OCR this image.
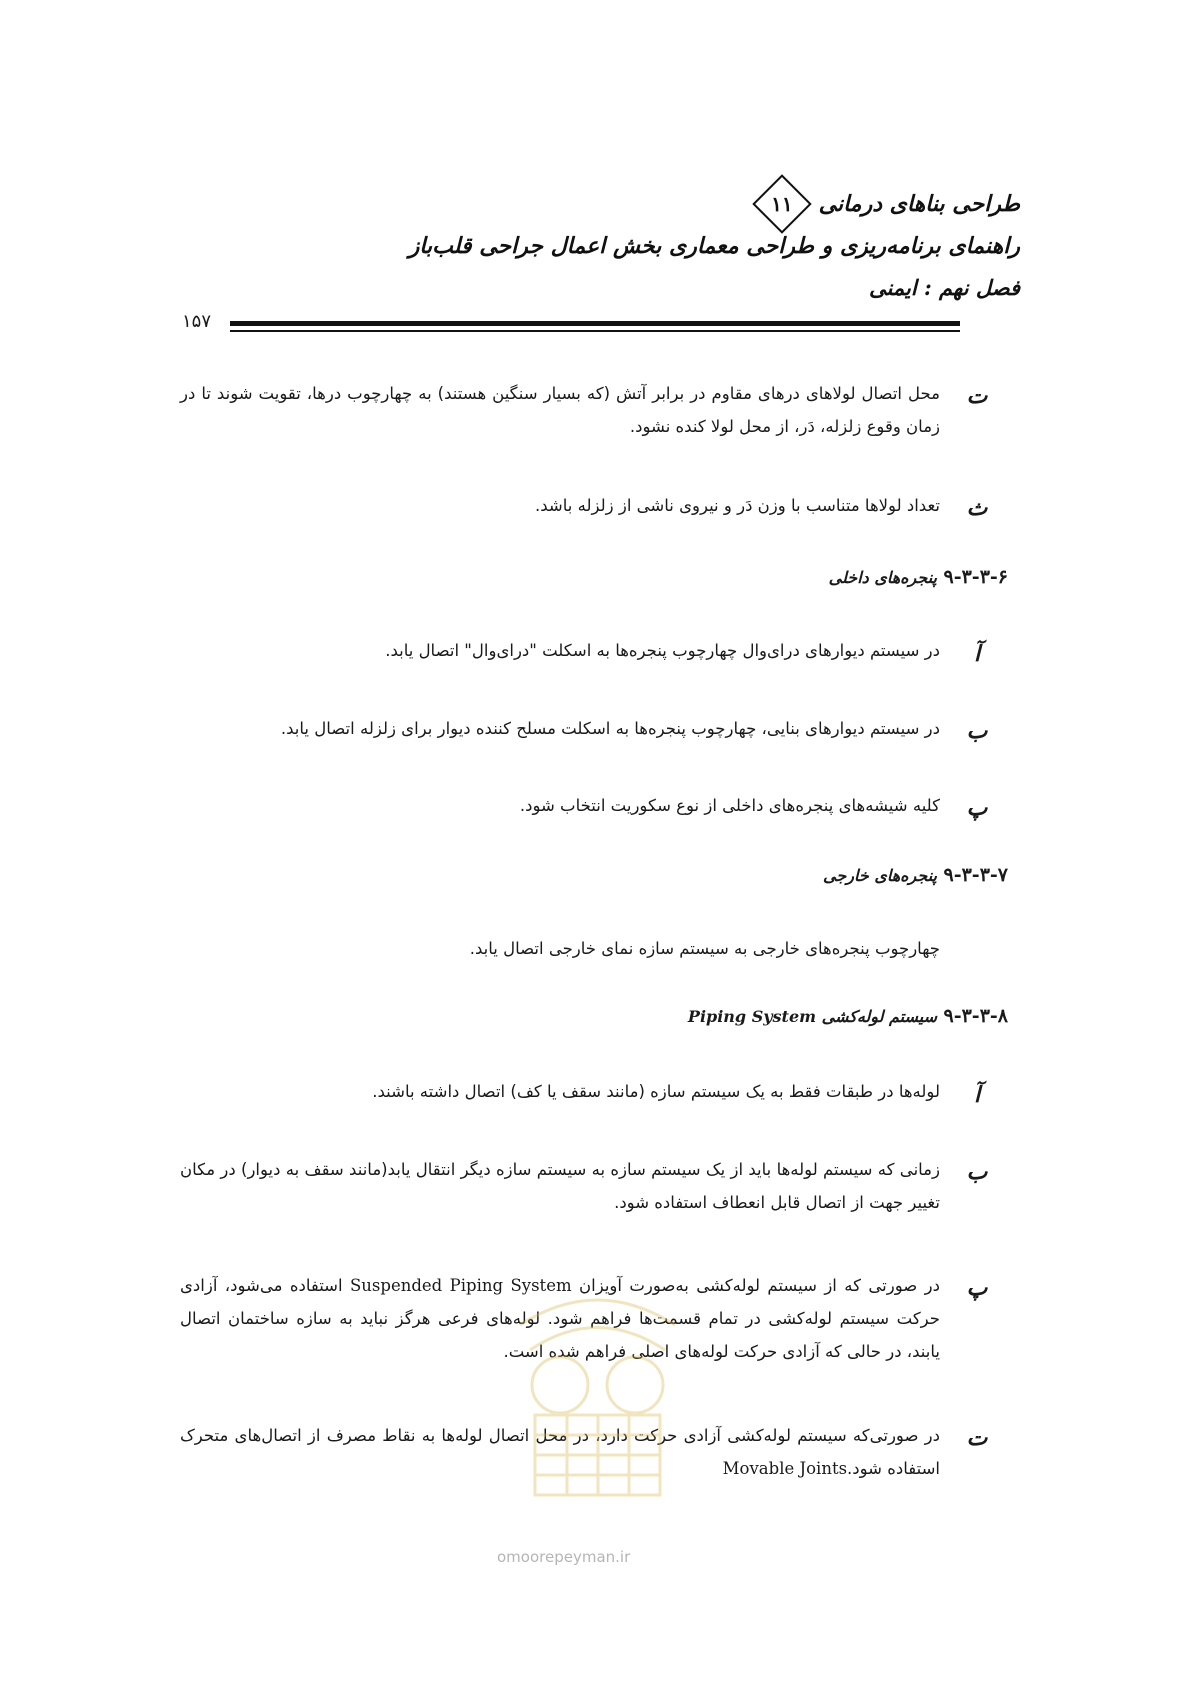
طراحی بناهای درمانی
۱۱
راهنمای برنامه‌ریزی و طراحی معماری بخش اعمال جراحی قلب‌باز
فصل نهم : ایمنی
۱۵۷
ت
محل اتصال لولاهای درهای مقاوم در برابر آتش (که بسیار سنگین هستند) به چهارچوب درها، تقویت شوند تا در زمان وقوع زلزله، دَر، از محل لولا کنده نشود.
ث
تعداد لولاها متناسب با وزن دَر و نیروی ناشی از زلزله باشد.
۹-۳-۳-۶
پنجره‌های داخلی
آ
در سیستم دیوارهای درای‌وال چهارچوب پنجره‌ها به اسکلت "درای‌وال" اتصال یابد.
ب
در سیستم دیوارهای بنایی، چهارچوب پنجره‌ها به اسکلت مسلح کننده دیوار برای زلزله اتصال یابد.
پ
کلیه شیشه‌های پنجره‌های داخلی از نوع سکوریت انتخاب شود.
۹-۳-۳-۷
پنجره‌های خارجی
چهارچوب پنجره‌های خارجی به سیستم سازه نمای خارجی اتصال یابد.
۹-۳-۳-۸
سیستم لوله‌کشی Piping System
آ
لوله‌ها در طبقات فقط به یک سیستم سازه (مانند سقف یا کف) اتصال داشته باشند.
ب
زمانی که سیستم لوله‌ها باید از یک سیستم سازه به سیستم سازه دیگر انتقال یابد(مانند سقف به دیوار) در مکان تغییر جهت از اتصال قابل انعطاف استفاده شود.
پ
در صورتی که از سیستم لوله‌کشی به‌صورت آویزان Suspended Piping System استفاده می‌شود، آزادی حرکت سیستم لوله‌کشی در تمام قسمت‌ها فراهم شود. لوله‌های فرعی هرگز نباید به سازه ساختمان اتصال یابند، در حالی که آزادی حرکت لوله‌های اصلی فراهم شده است.
ت
در صورتی‌که سیستم لوله‌کشی آزادی حرکت دارد، در محل اتصال لوله‌ها به نقاط مصرف از اتصال‌های متحرک استفاده شود.Movable Joints
omoorepeyman.ir
